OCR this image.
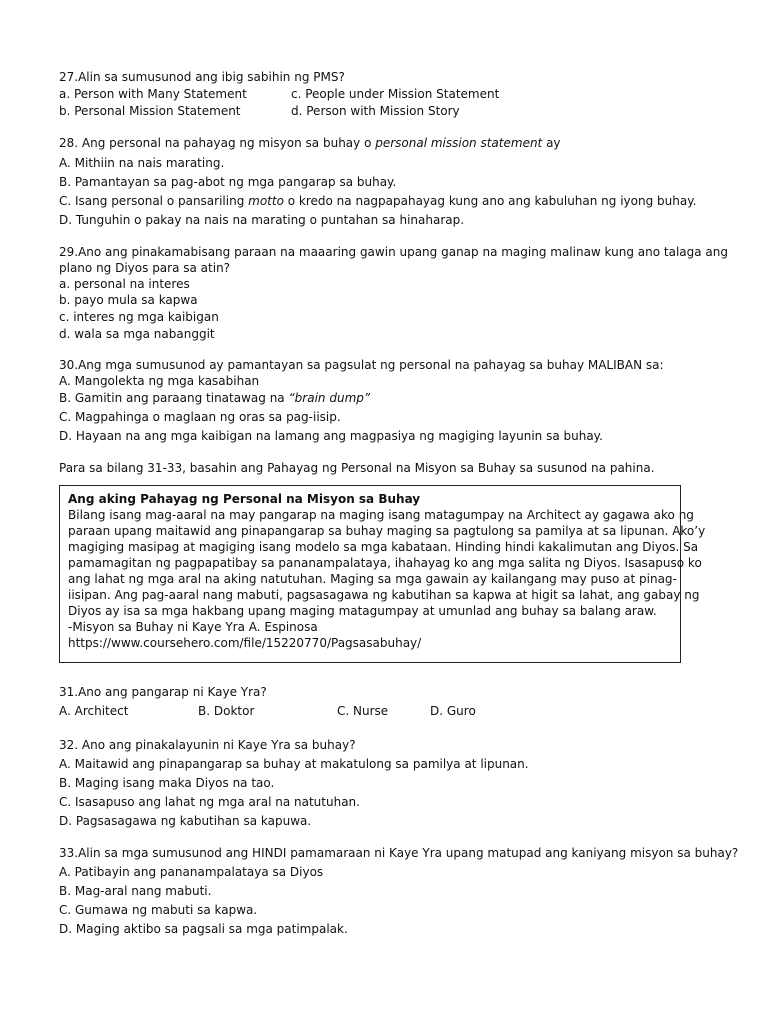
27.Alin sa sumusunod ang ibig sabihin ng PMS?
a. Person with Many Statement	c. People under Mission Statement
b. Personal Mission Statement	d. Person with Mission Story
28. Ang personal na pahayag ng misyon sa buhay o personal mission statement ay
A. Mithiin na nais marating.
B. Pamantayan sa pag-abot ng mga pangarap sa buhay.
C. Isang personal o pansariling motto o kredo na nagpapahayag kung ano ang kabuluhan ng iyong buhay.
D. Tunguhin o pakay na nais na marating o puntahan sa hinaharap.
29.Ano ang pinakamabisang paraan na maaaring gawin upang ganap na maging malinaw kung ano talaga ang
plano ng Diyos para sa atin?
a. personal na interes
b. payo mula sa kapwa
c. interes ng mga kaibigan
d. wala sa mga nabanggit
30.Ang mga sumusunod ay pamantayan sa pagsulat ng personal na pahayag sa buhay MALIBAN sa:
A. Mangolekta ng mga kasabihan
B. Gamitin ang paraang tinatawag na “brain dump”
C. Magpahinga o maglaan ng oras sa pag-iisip.
D. Hayaan na ang mga kaibigan na lamang ang magpasiya ng magiging layunin sa buhay.
Para sa bilang 31-33, basahin ang Pahayag ng Personal na Misyon sa Buhay sa susunod na pahina.
Ang aking Pahayag ng Personal na Misyon sa Buhay
Bilang isang mag-aaral na may pangarap na maging isang matagumpay na Architect ay gagawa ako ng
paraan upang maitawid ang pinapangarap sa buhay maging sa pagtulong sa pamilya at sa lipunan. Ako’y
magiging masipag at magiging isang modelo sa mga kabataan. Hinding hindi kakalimutan ang Diyos. Sa
pamamagitan ng pagpapatibay sa pananampalataya, ihahayag ko ang mga salita ng Diyos. Isasapuso ko
ang lahat ng mga aral na aking natutuhan. Maging sa mga gawain ay kailangang may puso at pinag-
iisipan. Ang pag-aaral nang mabuti, pagsasagawa ng kabutihan sa kapwa at higit sa lahat, ang gabay ng
Diyos ay isa sa mga hakbang upang maging matagumpay at umunlad ang buhay sa balang araw.
-Misyon sa Buhay ni Kaye Yra A. Espinosa
https://www.coursehero.com/file/15220770/Pagsasabuhay/
31.Ano ang pangarap ni Kaye Yra?
A. Architect	B. Doktor	C. Nurse	D. Guro
32. Ano ang pinakalayunin ni Kaye Yra sa buhay?
A. Maitawid ang pinapangarap sa buhay at makatulong sa pamilya at lipunan.
B. Maging isang maka Diyos na tao.
C. Isasapuso ang lahat ng mga aral na natutuhan.
D. Pagsasagawa ng kabutihan sa kapuwa.
33.Alin sa mga sumusunod ang HINDI pamamaraan ni Kaye Yra upang matupad ang kaniyang misyon sa buhay?
A. Patibayin ang pananampalataya sa Diyos
B. Mag-aral nang mabuti.
C. Gumawa ng mabuti sa kapwa.
D. Maging aktibo sa pagsali sa mga patimpalak.
